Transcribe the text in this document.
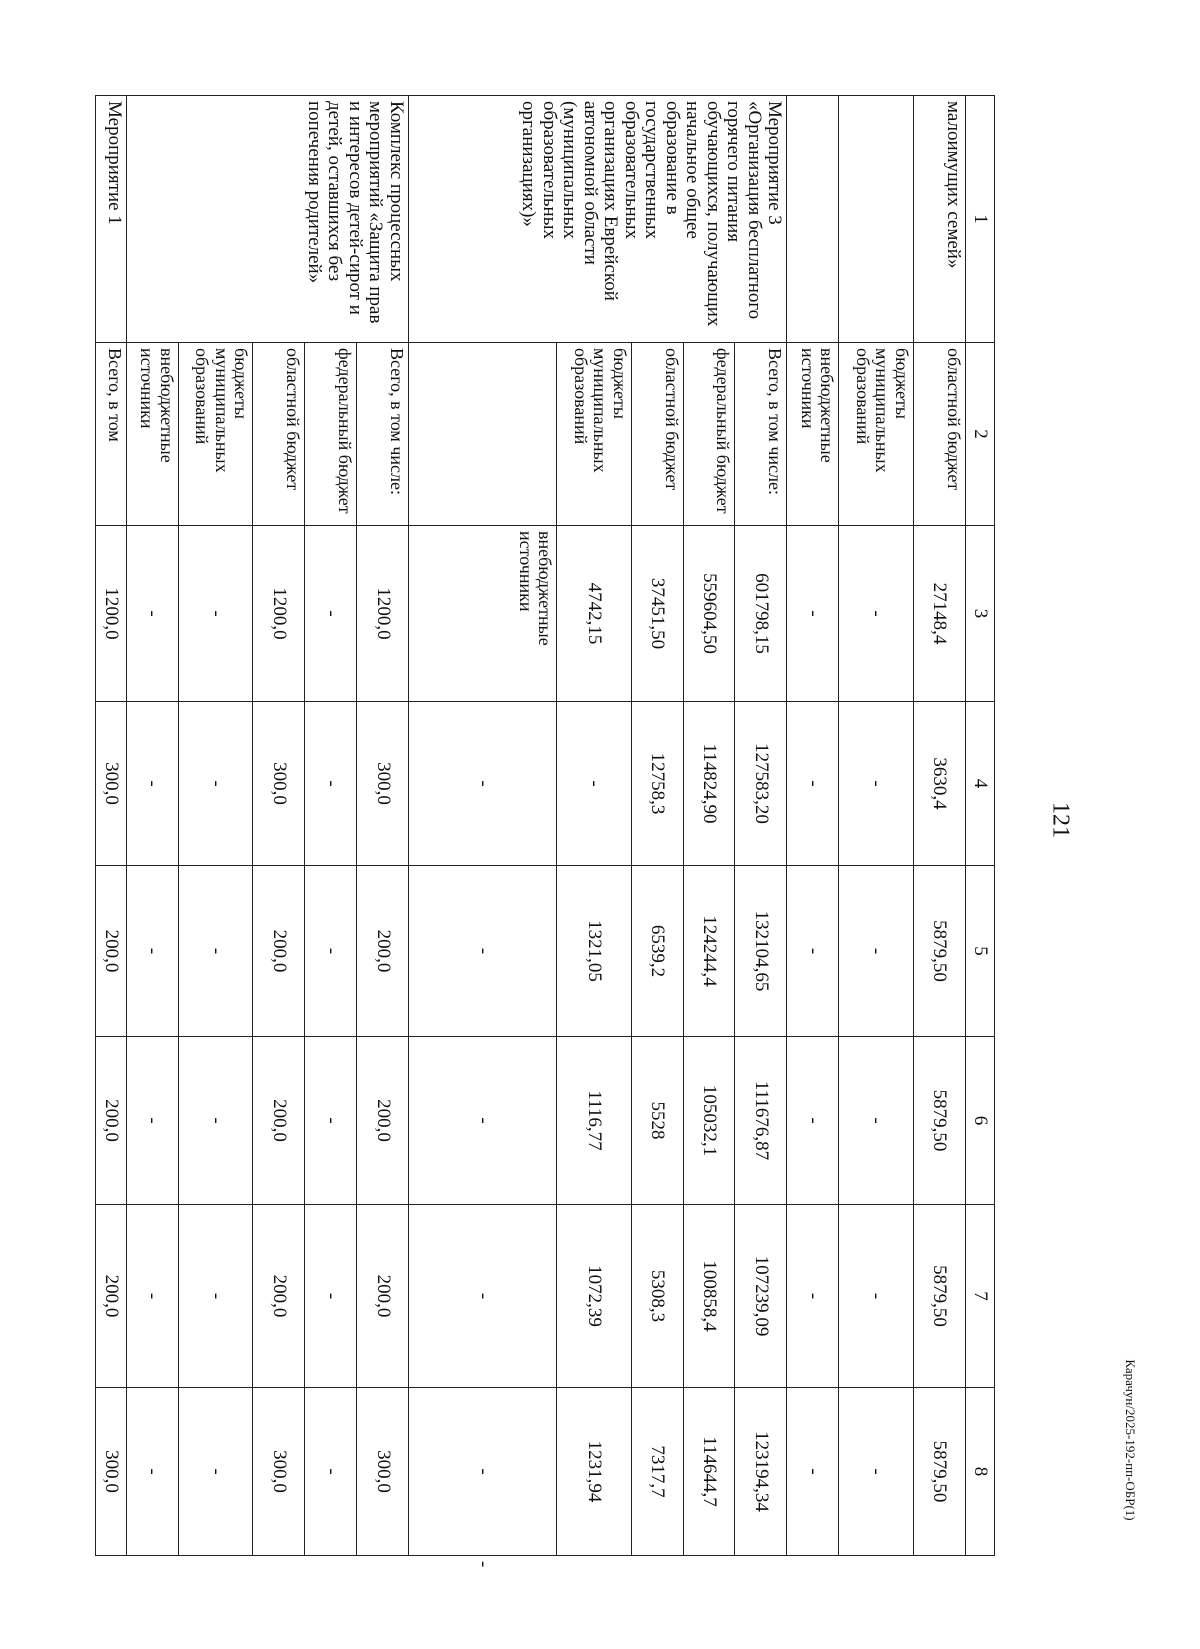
121
Карачун/2025-192-пп-ОБР(1)
1	2	3	4	5	6	7	8	
малоимущих семей»	областной бюджет	27148,4	3630,4	5879,50	5879,50	5879,50	5879,50	
	бюджеты муниципальных образований	-	-	-	-	-	-	
	внебюджетные источники	-	-	-	-	-	-	
Мероприятие 3 «Организация бесплатного горячего питания обучающихся, получающих начальное общее образование в государственных образовательных организациях Еврейской автономной области (муниципальных образовательных организациях)»	Всего, в том числе:	601798,15	127583,20	132104,65	111676,87	107239,09	123194,34	
	федеральный бюджет	559604,50	114824,90	124244,4	105032,1	100858,4	114644,7	
	областной бюджет	37451,50	12758,3	6539,2	5528	5308,3	7317,7	
	бюджеты муниципальных образований	4742,15	-	1321,05	1116,77	1072,39	1231,94	
		внебюджетные источники	-	-	-	-	-	-
Комплекс процессных мероприятий «Защита прав и интересов детей-сирот и детей, оставшихся без попечения родителей»	Всего, в том числе:	1200,0	300,0	200,0	200,0	200,0	300,0	
	федеральный бюджет	-	-	-	-	-	-	
	областной бюджет	1200,0	300,0	200,0	200,0	200,0	300,0	
	бюджеты муниципальных образований	-	-	-	-	-	-	
	внебюджетные источники	-	-	-	-	-	-	
Мероприятие 1	Всего, в том	1200,0	300,0	200,0	200,0	200,0	300,0	
